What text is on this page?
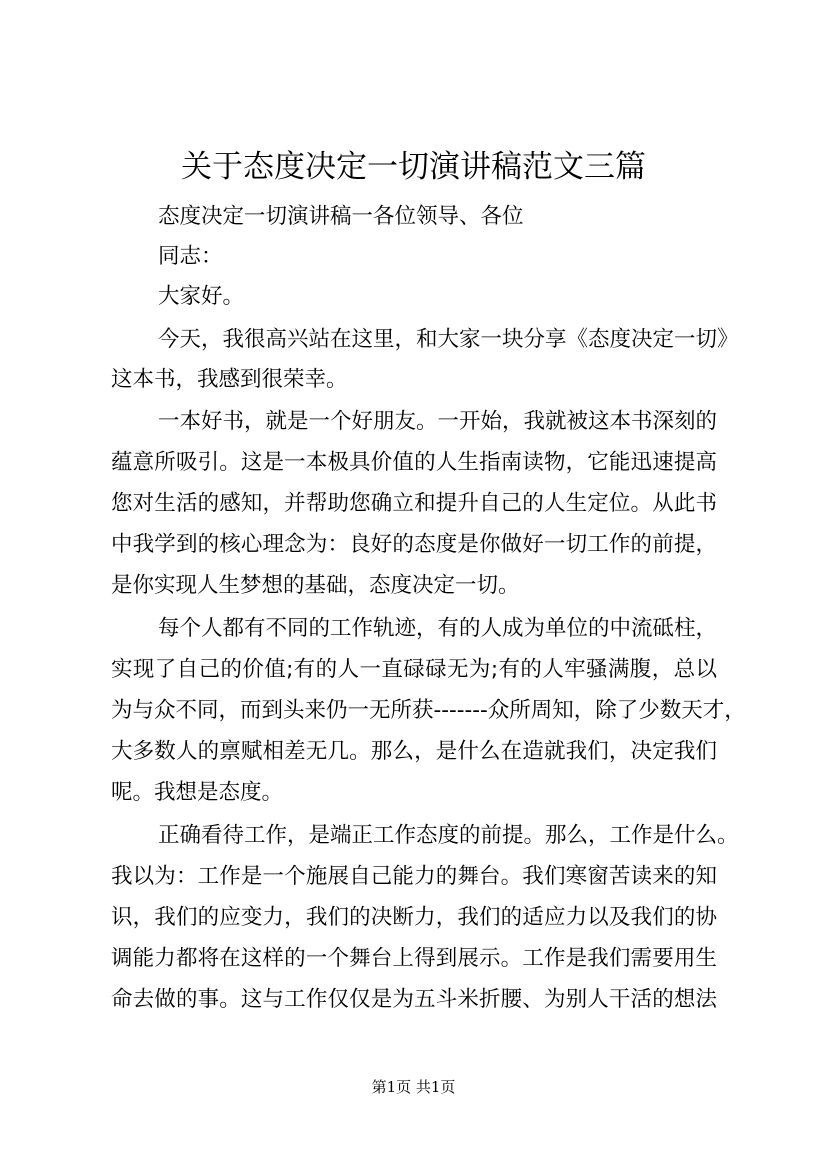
关于态度决定一切演讲稿范文三篇
态度决定一切演讲稿一各位领导、各位
同志：
大家好。
今天，我很高兴站在这里，和大家一块分享《态度决定一切》
这本书，我感到很荣幸。
一本好书，就是一个好朋友。一开始，我就被这本书深刻的
蕴意所吸引。这是一本极具价值的人生指南读物，它能迅速提高
您对生活的感知，并帮助您确立和提升自己的人生定位。从此书
中我学到的核心理念为：良好的态度是你做好一切工作的前提，
是你实现人生梦想的基础，态度决定一切。
每个人都有不同的工作轨迹，有的人成为单位的中流砥柱，
实现了自己的价值;有的人一直碌碌无为;有的人牢骚满腹，总以
为与众不同，而到头来仍一无所获-------众所周知，除了少数天才，
大多数人的禀赋相差无几。那么，是什么在造就我们，决定我们
呢。我想是态度。
正确看待工作，是端正工作态度的前提。那么，工作是什么。
我以为：工作是一个施展自己能力的舞台。我们寒窗苦读来的知
识，我们的应变力，我们的决断力，我们的适应力以及我们的协
调能力都将在这样的一个舞台上得到展示。工作是我们需要用生
命去做的事。这与工作仅仅是为五斗米折腰、为别人干活的想法
第1页 共1页
